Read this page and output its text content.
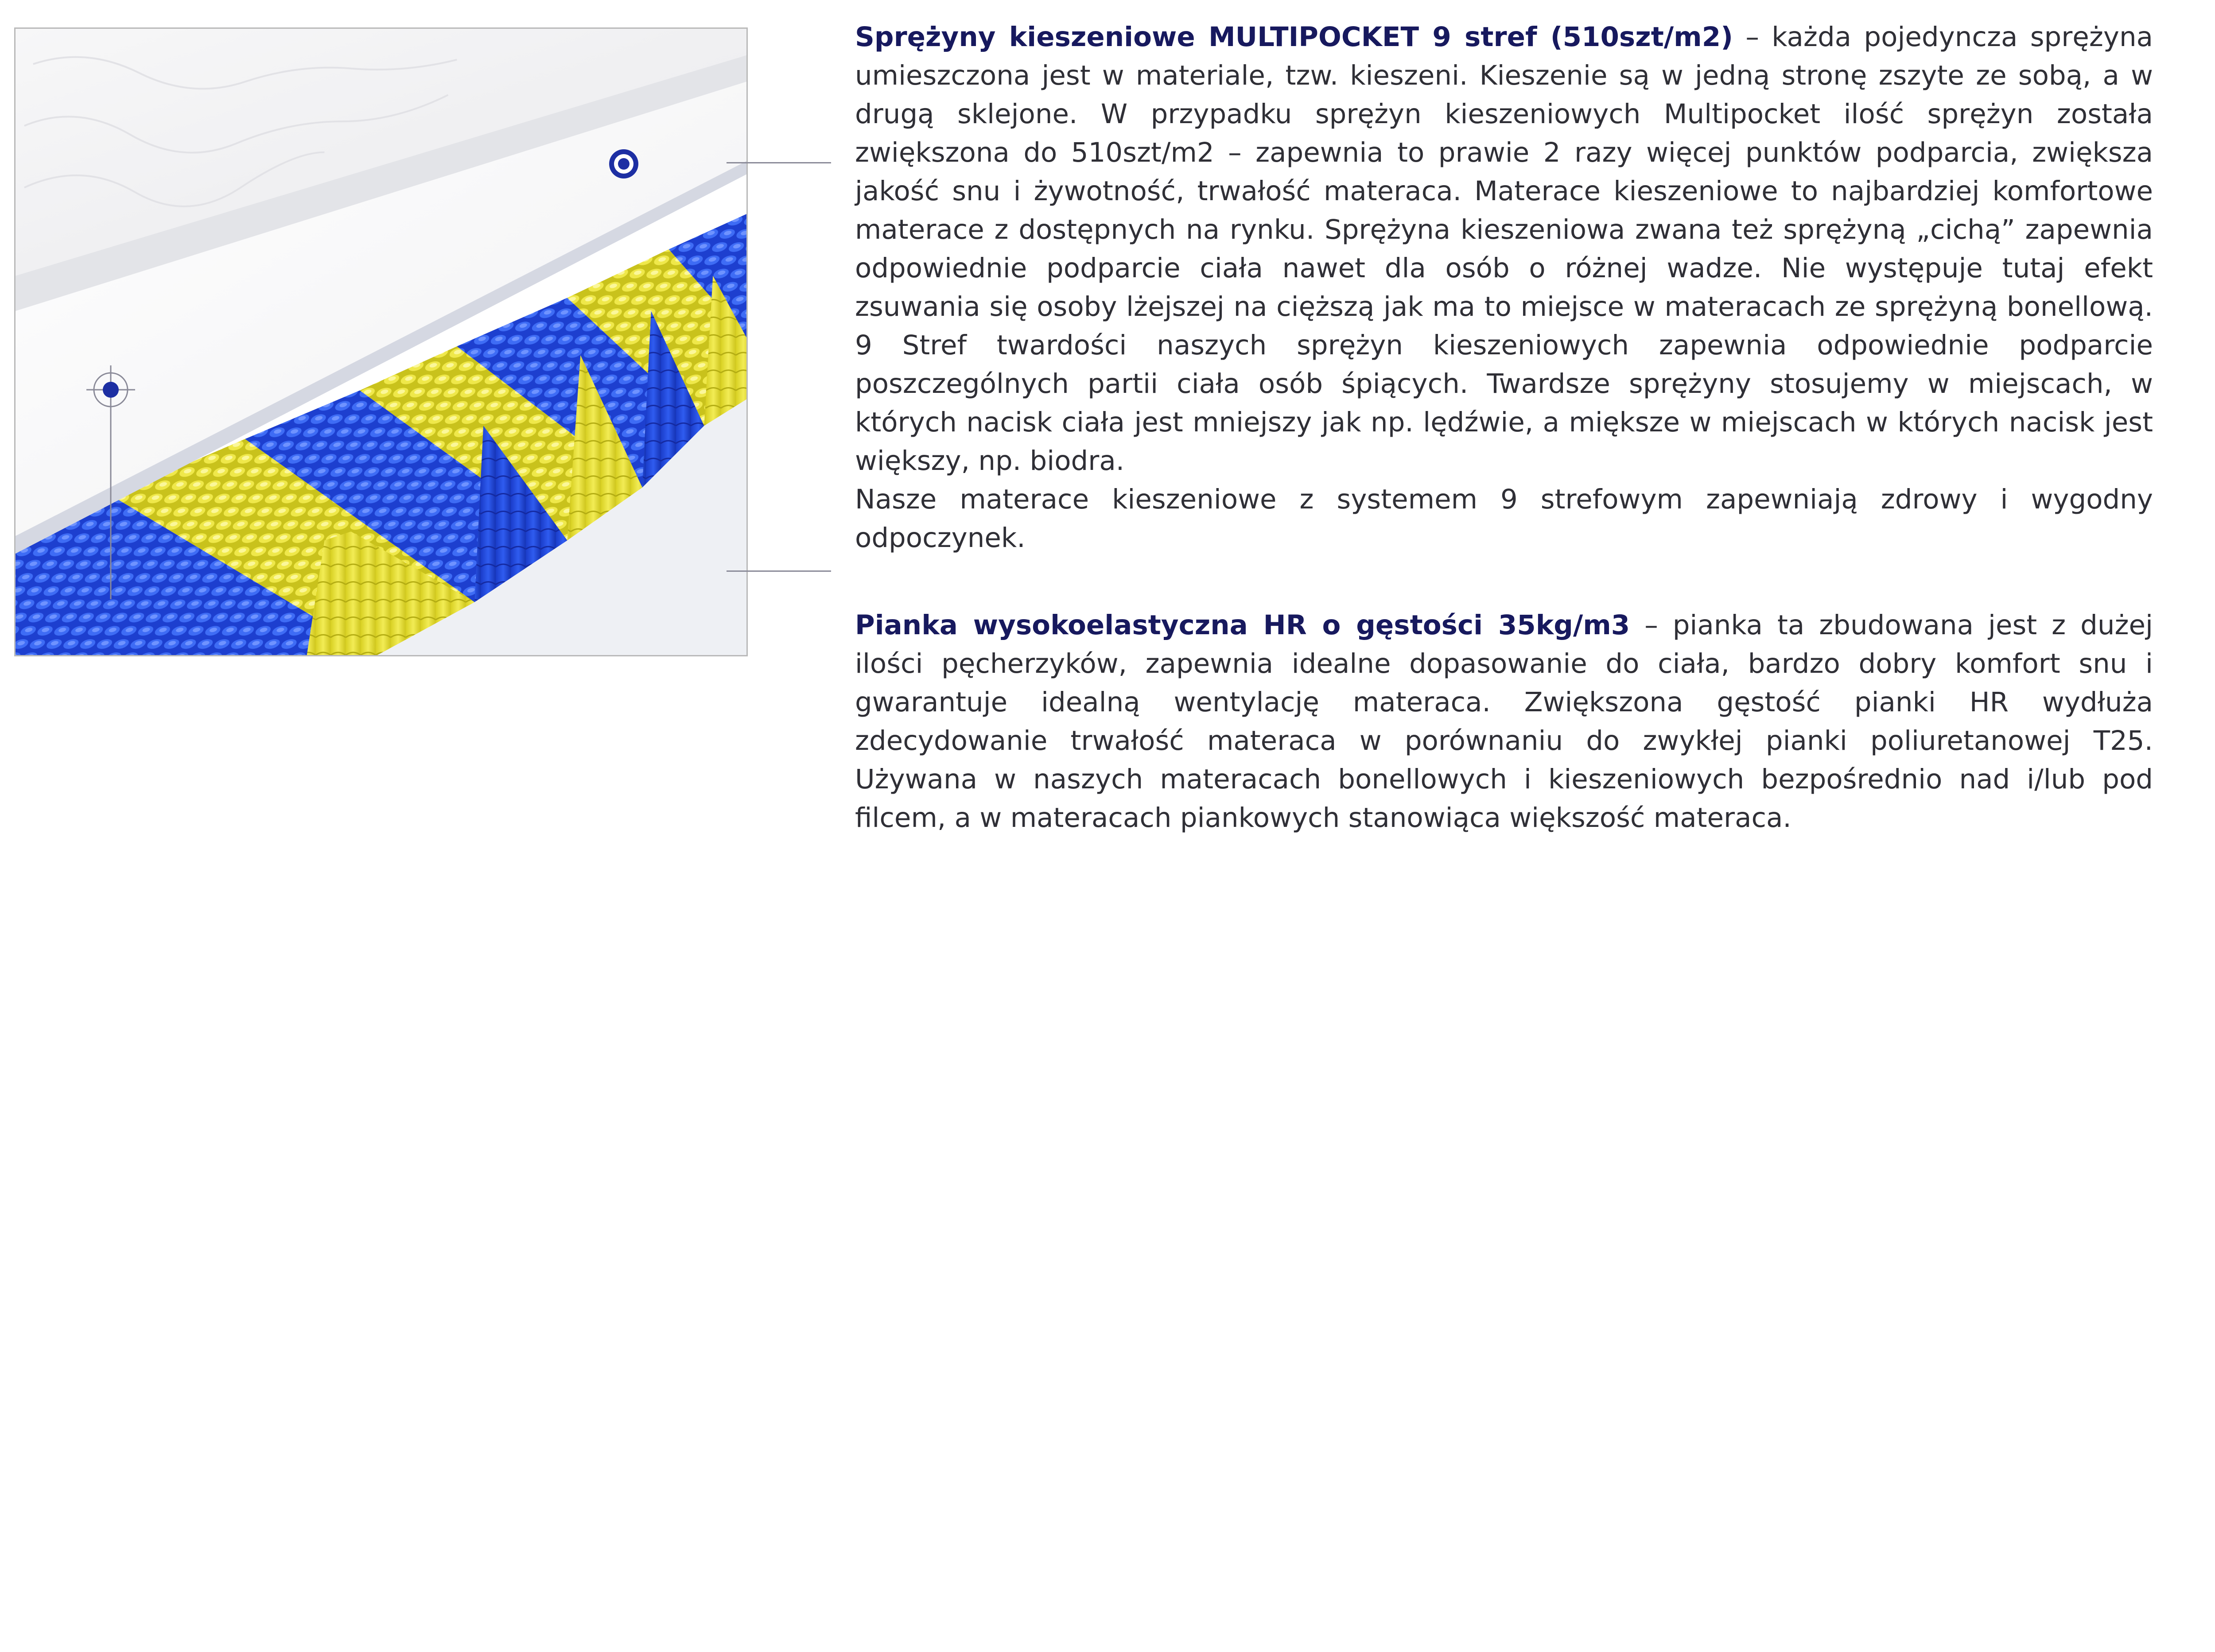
Sprężyny kieszeniowe MULTIPOCKET 9 stref (510szt/m2) – każda pojedyncza sprężyna umieszczona jest w materiale, tzw. kieszeni. Kieszenie są w jedną stronę zszyte ze sobą, a w drugą sklejone. W przypadku sprężyn kieszeniowych Multipocket ilość sprężyn została zwiększona do 510szt/m2 – zapewnia to prawie 2 razy więcej punktów podparcia, zwiększa jakość snu i żywotność, trwałość materaca. Materace kieszeniowe to najbardziej komfortowe materace z dostępnych na rynku. Sprężyna kieszeniowa zwana też sprężyną „cichą” zapewnia odpowiednie podparcie ciała nawet dla osób o różnej wadze. Nie występuje tutaj efekt zsuwania się osoby lżejszej na cięższą jak ma to miejsce w materacach ze sprężyną bonellową. 9 Stref twardości naszych sprężyn kieszeniowych zapewnia odpowiednie podparcie poszczególnych partii ciała osób śpiących. Twardsze sprężyny stosujemy w miejscach, w których nacisk ciała jest mniejszy jak np. lędźwie, a miększe w miejscach w których nacisk jest większy, np. biodra.

Nasze materace kieszeniowe z systemem 9 strefowym zapewniają zdrowy i wygodny odpoczynek.

Pianka wysokoelastyczna HR o gęstości 35kg/m3 – pianka ta zbudowana jest z dużej ilości pęcherzyków, zapewnia idealne dopasowanie do ciała, bardzo dobry komfort snu i gwarantuje idealną wentylację materaca. Zwiększona gęstość pianki HR wydłuża zdecydowanie trwałość materaca w porównaniu do zwykłej pianki poliuretanowej T25. Używana w naszych materacach bonellowych i kieszeniowych bezpośrednio nad i/lub pod filcem, a w materacach piankowych stanowiąca większość materaca.
